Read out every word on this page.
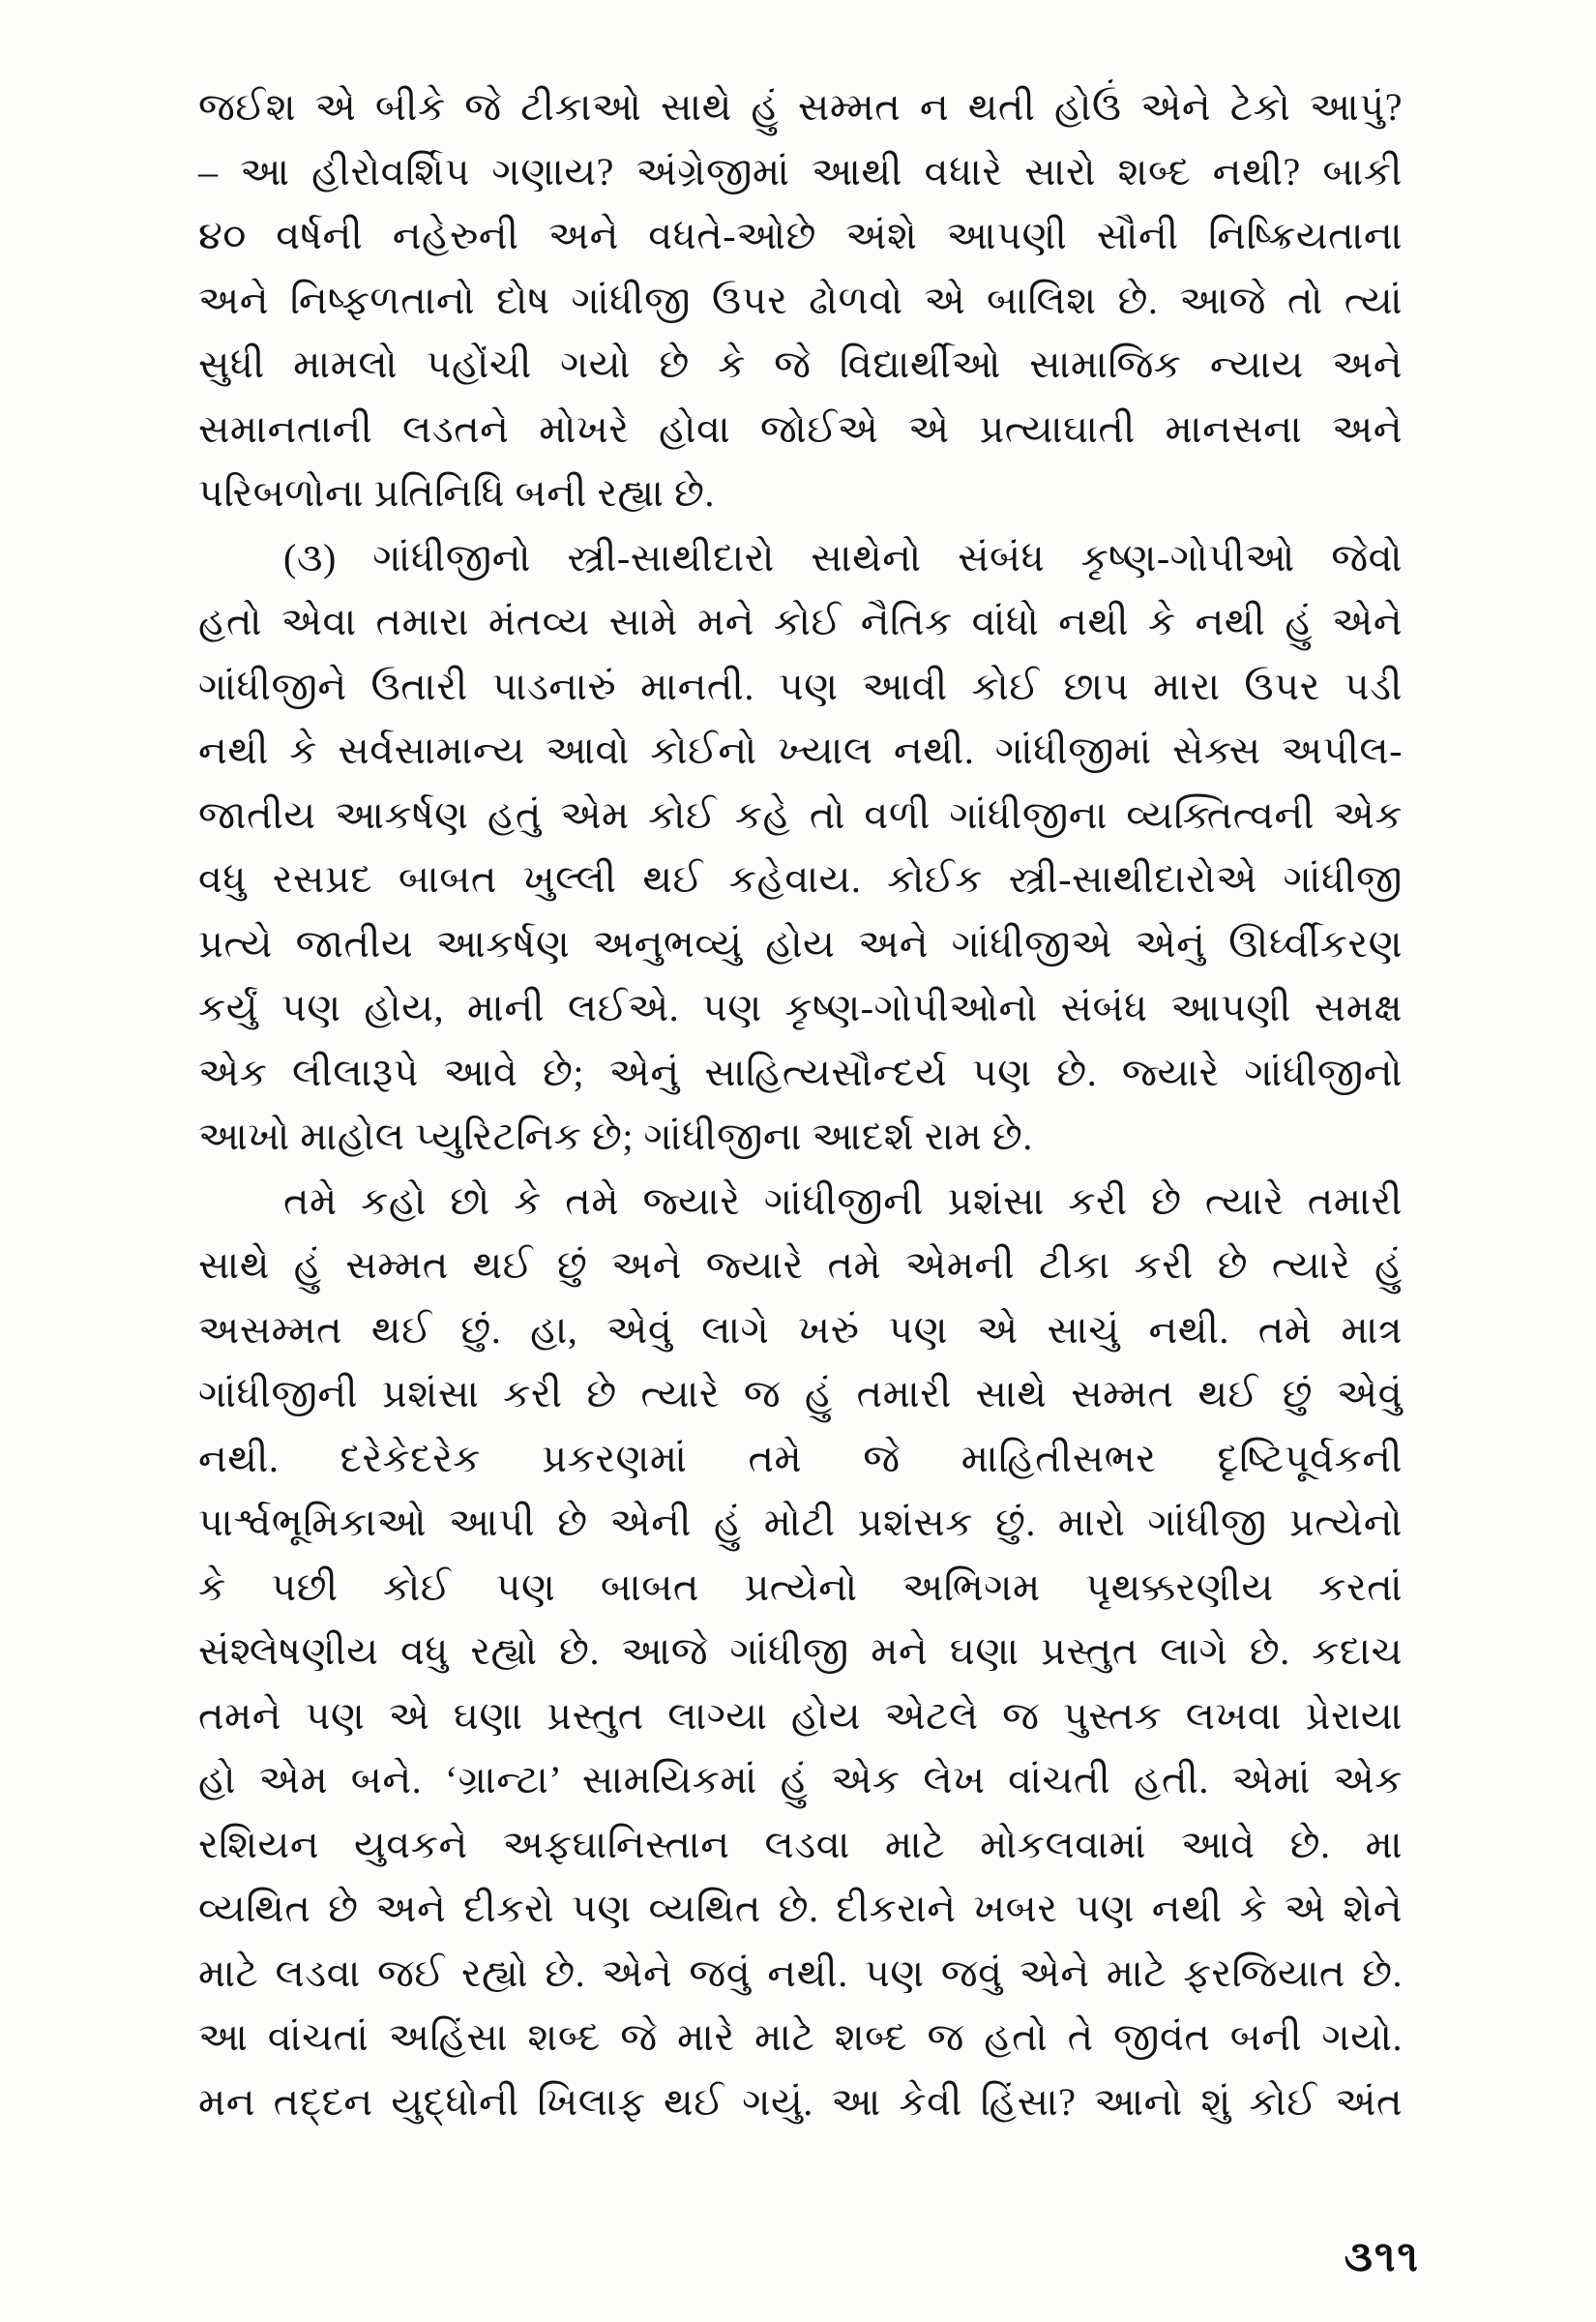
જઈશ એ બીકે જે ટીકાઓ સાથે હું સમ્મત ન થતી હોઉં એને ટેકો આપું?
– આ હીરોવર્શિપ ગણાય? અંગ્રેજીમાં આથી વધારે સારો શબ્દ નથી? બાકી
૪૦ વર્ષની નહેરુની અને વધતે-ઓછે અંશે આપણી સૌની નિષ્ક્રિયતાના
અને નિષ્ફળતાનો દોષ ગાંધીજી ઉપર ઢોળવો એ બાલિશ છે. આજે તો ત્યાં
સુધી મામલો પહોંચી ગયો છે કે જે વિદ્યાર્થીઓ સામાજિક ન્યાય અને
સમાનતાની લડતને મોખરે હોવા જોઈએ એ પ્રત્યાઘાતી માનસના અને
પરિબળોના પ્રતિનિધિ બની રહ્યા છે.
(૩) ગાંધીજીનો સ્ત્રી-સાથીદારો સાથેનો સંબંધ કૃષ્ણ-ગોપીઓ જેવો
હતો એવા તમારા મંતવ્ય સામે મને કોઈ નૈતિક વાંધો નથી કે નથી હું એને
ગાંધીજીને ઉતારી પાડનારું માનતી. પણ આવી કોઈ છાપ મારા ઉપર પડી
નથી કે સર્વસામાન્ય આવો કોઈનો ખ્યાલ નથી. ગાંધીજીમાં સેક્સ અપીલ-
જાતીય આકર્ષણ હતું એમ કોઈ કહે તો વળી ગાંધીજીના વ્યક્તિત્વની એક
વધુ રસપ્રદ બાબત ખુલ્લી થઈ કહેવાય. કોઈક સ્ત્રી-સાથીદારોએ ગાંધીજી
પ્રત્યે જાતીય આકર્ષણ અનુભવ્યું હોય અને ગાંધીજીએ એનું ઊર્ધ્વીકરણ
કર્યું પણ હોય, માની લઈએ. પણ કૃષ્ણ-ગોપીઓનો સંબંધ આપણી સમક્ષ
એક લીલારૂપે આવે છે; એનું સાહિત્યસૌન્દર્ય પણ છે. જ્યારે ગાંધીજીનો
આખો માહોલ પ્યુરિટનિક છે; ગાંધીજીના આદર્શ રામ છે.
તમે કહો છો કે તમે જ્યારે ગાંધીજીની પ્રશંસા કરી છે ત્યારે તમારી
સાથે હું સમ્મત થઈ છું અને જ્યારે તમે એમની ટીકા કરી છે ત્યારે હું
અસમ્મત થઈ છું. હા, એવું લાગે ખરું પણ એ સાચું નથી. તમે માત્ર
ગાંધીજીની પ્રશંસા કરી છે ત્યારે જ હું તમારી સાથે સમ્મત થઈ છું એવું
નથી. દરેકેદરેક પ્રકરણમાં તમે જે માહિતીસભર દૃષ્ટિપૂર્વકની
પાર્શ્વભૂમિકાઓ આપી છે એની હું મોટી પ્રશંસક છું. મારો ગાંધીજી પ્રત્યેનો
કે પછી કોઈ પણ બાબત પ્રત્યેનો અભિગમ પૃથક્કરણીય કરતાં
સંશ્લેષણીય વધુ રહ્યો છે. આજે ગાંધીજી મને ઘણા પ્રસ્તુત લાગે છે. કદાચ
તમને પણ એ ઘણા પ્રસ્તુત લાગ્યા હોય એટલે જ પુસ્તક લખવા પ્રેરાયા
હો એમ બને. ‘ગ્રાન્ટા’ સામયિકમાં હું એક લેખ વાંચતી હતી. એમાં એક
રશિયન યુવકને અફઘાનિસ્તાન લડવા માટે મોકલવામાં આવે છે. મા
વ્યથિત છે અને દીકરો પણ વ્યથિત છે. દીકરાને ખબર પણ નથી કે એ શેને
માટે લડવા જઈ રહ્યો છે. એને જવું નથી. પણ જવું એને માટે ફરજિયાત છે.
આ વાંચતાં અહિંસા શબ્દ જે મારે માટે શબ્દ જ હતો તે જીવંત બની ગયો.
મન તદ્દન યુદ્ધોની ખિલાફ થઈ ગયું. આ કેવી હિંસા? આનો શું કોઈ અંત
૩૧૧
